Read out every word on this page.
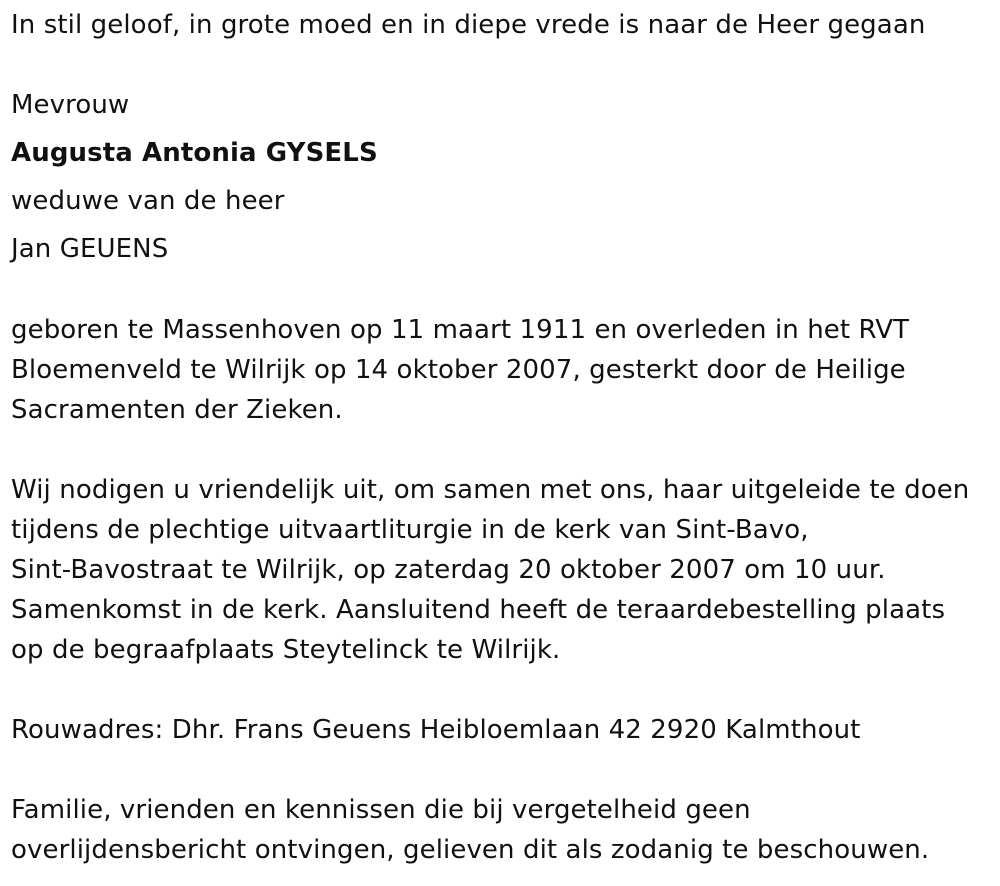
In stil geloof, in grote moed en in diepe vrede is naar de Heer gegaan
Mevrouw
Augusta Antonia GYSELS
weduwe van de heer
Jan GEUENS
geboren te Massenhoven op 11 maart 1911 en overleden in het RVT
Bloemenveld te Wilrijk op 14 oktober 2007, gesterkt door de Heilige
Sacramenten der Zieken.
Wij nodigen u vriendelijk uit, om samen met ons, haar uitgeleide te doen
tijdens de plechtige uitvaartliturgie in de kerk van Sint-Bavo,
Sint-Bavostraat te Wilrijk, op zaterdag 20 oktober 2007 om 10 uur.
Samenkomst in de kerk. Aansluitend heeft de teraardebestelling plaats
op de begraafplaats Steytelinck te Wilrijk.
Rouwadres: Dhr. Frans Geuens Heibloemlaan 42 2920 Kalmthout
Familie, vrienden en kennissen die bij vergetelheid geen
overlijdensbericht ontvingen, gelieven dit als zodanig te beschouwen.
